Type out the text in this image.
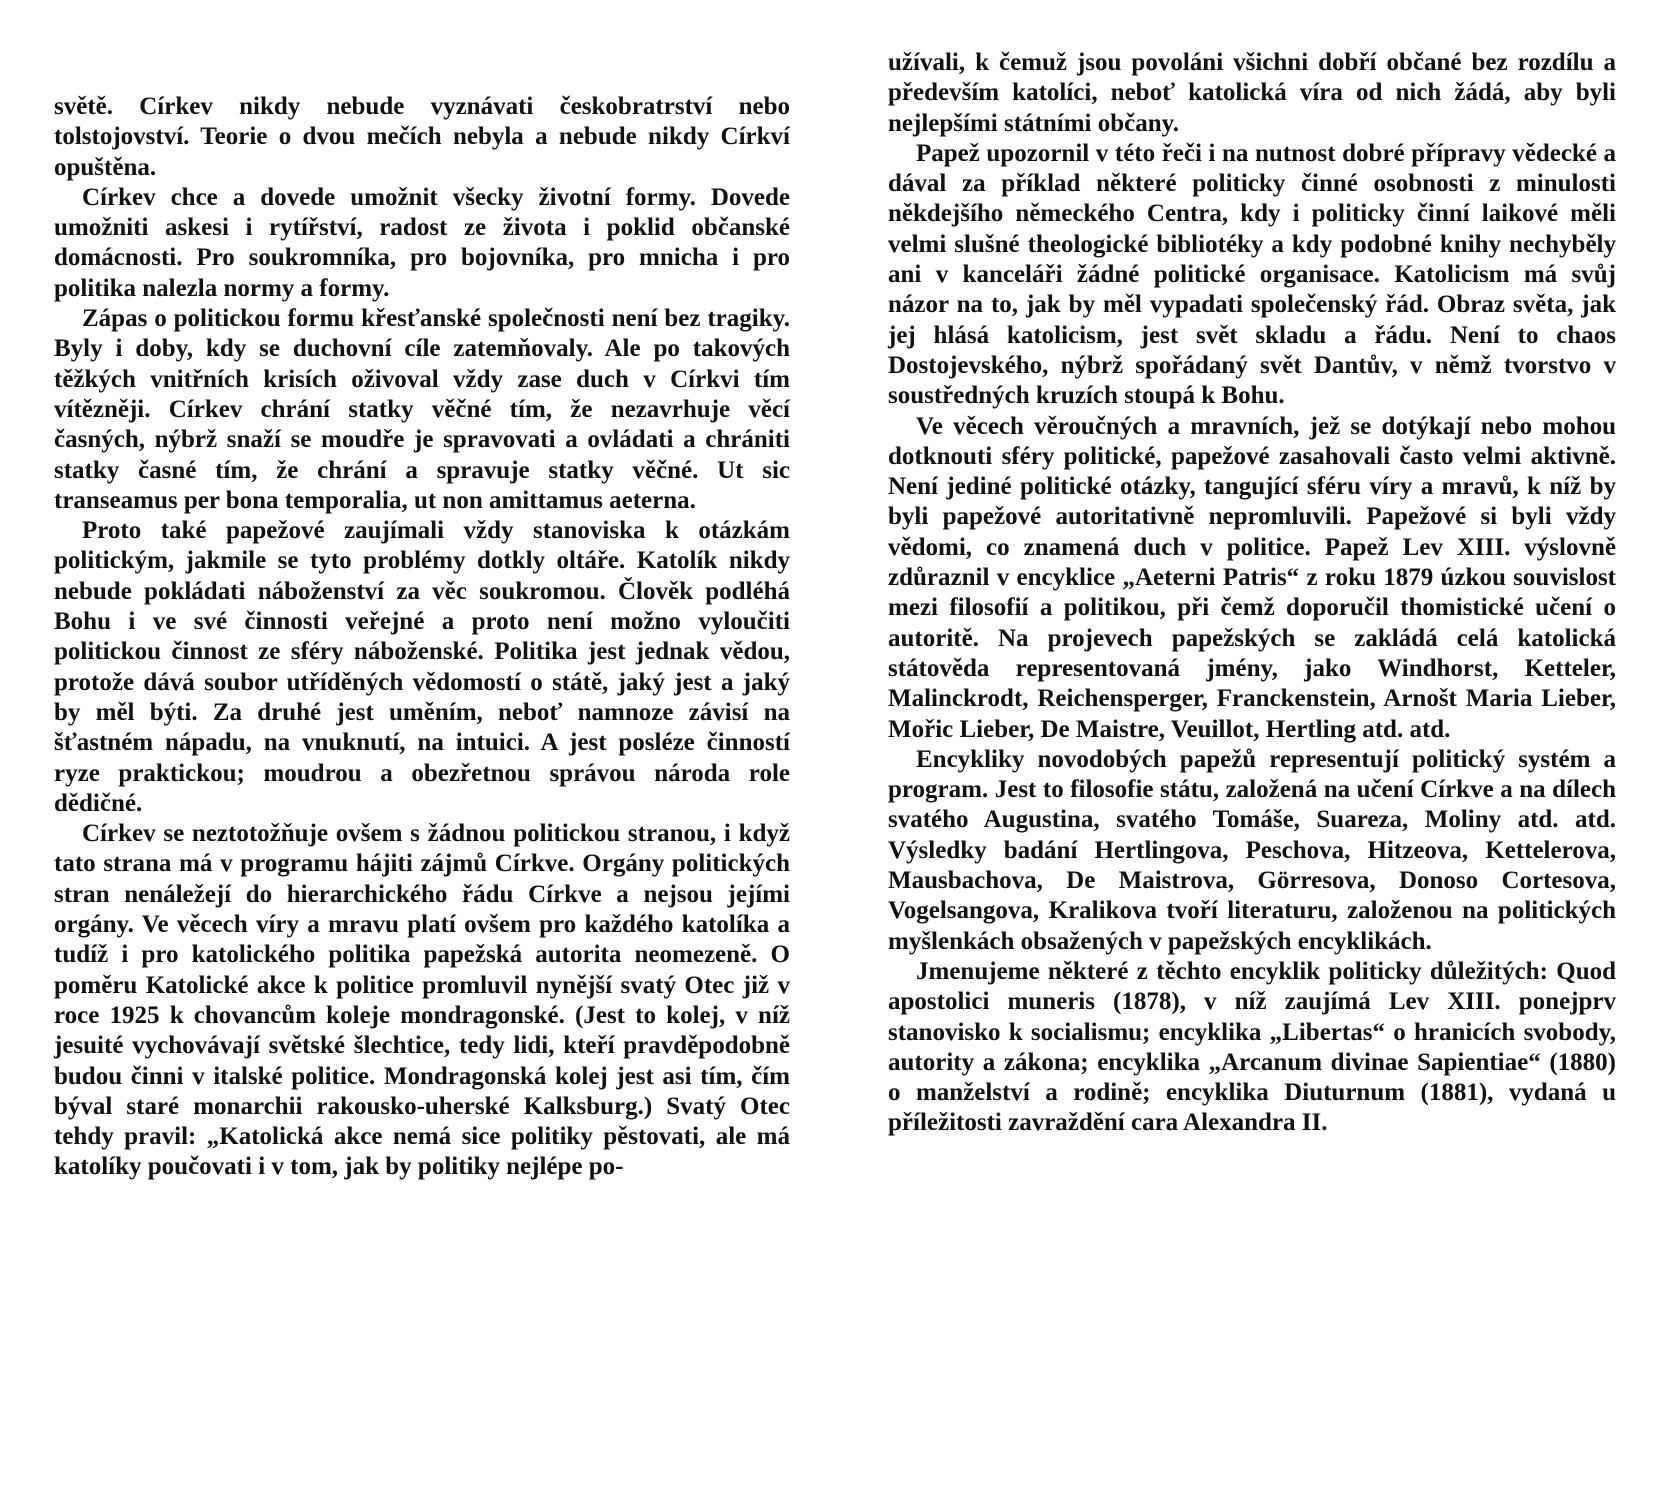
světě. Církev nikdy nebude vyznávati českobratrství nebo tolstojovství. Teorie o dvou mečích nebyla a nebude nikdy Církví opuštěna.

Církev chce a dovede umožnit všecky životní formy. Dovede umožniti askesi i rytířství, radost ze života i poklid občanské domácnosti. Pro soukromníka, pro bojovníka, pro mnicha i pro politika nalezla normy a formy.

Zápas o politickou formu křesťanské společnosti není bez tragiky. Byly i doby, kdy se duchovní cíle zatemňovaly. Ale po takových těžkých vnitřních krisích oživoval vždy zase duch v Církvi tím vítězněji. Církev chrání statky věčné tím, že nezavrhuje věcí časných, nýbrž snaží se moudře je spravovati a ovládati a chrániti statky časné tím, že chrání a spravuje statky věčné. Ut sic transeamus per bona temporalia, ut non amittamus aeterna.

Proto také papežové zaujímali vždy stanoviska k otázkám politickým, jakmile se tyto problémy dotkly oltáře. Katolík nikdy nebude pokládati náboženství za věc soukromou. Člověk podléhá Bohu i ve své činnosti veřejné a proto není možno vyloučiti politickou činnost ze sféry náboženské. Politika jest jednak vědou, protože dává soubor utříděných vědomostí o státě, jaký jest a jaký by měl býti. Za druhé jest uměním, neboť namnoze závisí na šťastném nápadu, na vnuknutí, na intuici. A jest posléze činností ryze praktickou; moudrou a obezřetnou správou národa role dědičné.

Církev se neztotožňuje ovšem s žádnou politickou stranou, i když tato strana má v programu hájiti zájmů Církve. Orgány politických stran nenáležejí do hierarchického řádu Církve a nejsou jejími orgány. Ve věcech víry a mravu platí ovšem pro každého katolíka a tudíž i pro katolického politika papežská autorita neomezeně. O poměru Katolické akce k politice promluvil nynější svatý Otec již v roce 1925 k chovancům koleje mondragonské. (Jest to kolej, v níž jesuité vychovávají světské šlechtice, tedy lidi, kteří pravděpodobně budou činni v italské politice. Mondragonská kolej jest asi tím, čím býval staré monarchii rakousko-uherské Kalksburg.) Svatý Otec tehdy pravil: „Katolická akce nemá sice politiky pěstovati, ale má katolíky poučovati i v tom, jak by politiky nejlépe po-

užívali, k čemuž jsou povoláni všichni dobří občané bez rozdílu a především katolíci, neboť katolická víra od nich žádá, aby byli nejlepšími státními občany.

Papež upozornil v této řeči i na nutnost dobré přípravy vědecké a dával za příklad některé politicky činné osobnosti z minulosti někdejšího německého Centra, kdy i politicky činní laikové měli velmi slušné theologické bibliotéky a kdy podobné knihy nechyběly ani v kanceláři žádné politické organisace. Katolicism má svůj názor na to, jak by měl vypadati společenský řád. Obraz světa, jak jej hlásá katolicism, jest svět skladu a řádu. Není to chaos Dostojevského, nýbrž spořádaný svět Dantův, v němž tvorstvo v soustředných kruzích stoupá k Bohu.

Ve věcech věroučných a mravních, jež se dotýkají nebo mohou dotknouti sféry politické, papežové zasahovali často velmi aktivně. Není jediné politické otázky, tangující sféru víry a mravů, k níž by byli papežové autoritativně nepromluvili. Papežové si byli vždy vědomi, co znamená duch v politice. Papež Lev XIII. výslovně zdůraznil v encyklice „Aeterni Patris“ z roku 1879 úzkou souvislost mezi filosofií a politikou, při čemž doporučil thomistické učení o autoritě. Na projevech papežských se zakládá celá katolická státověda representovaná jmény, jako Windhorst, Ketteler, Malinckrodt, Reichensperger, Franckenstein, Arnošt Maria Lieber, Mořic Lieber, De Maistre, Veuillot, Hertling atd. atd.

Encykliky novodobých papežů representují politický systém a program. Jest to filosofie státu, založená na učení Církve a na dílech svatého Augustina, svatého Tomáše, Suareza, Moliny atd. atd. Výsledky badání Hertlingova, Peschova, Hitzeova, Kettelerova, Mausbachova, De Maistrova, Görresova, Donoso Cortesova, Vogelsangova, Kralikova tvoří literaturu, založenou na politických myšlenkách obsažených v papežských encyklikách.

Jmenujeme některé z těchto encyklik politicky důležitých: Quod apostolici muneris (1878), v níž zaujímá Lev XIII. ponejprv stanovisko k socialismu; encyklika „Libertas“ o hranicích svobody, autority a zákona; encyklika „Arcanum divinae Sapientiae“ (1880) o manželství a rodině; encyklika Diuturnum (1881), vydaná u příležitosti zavraždění cara Alexandra II.
